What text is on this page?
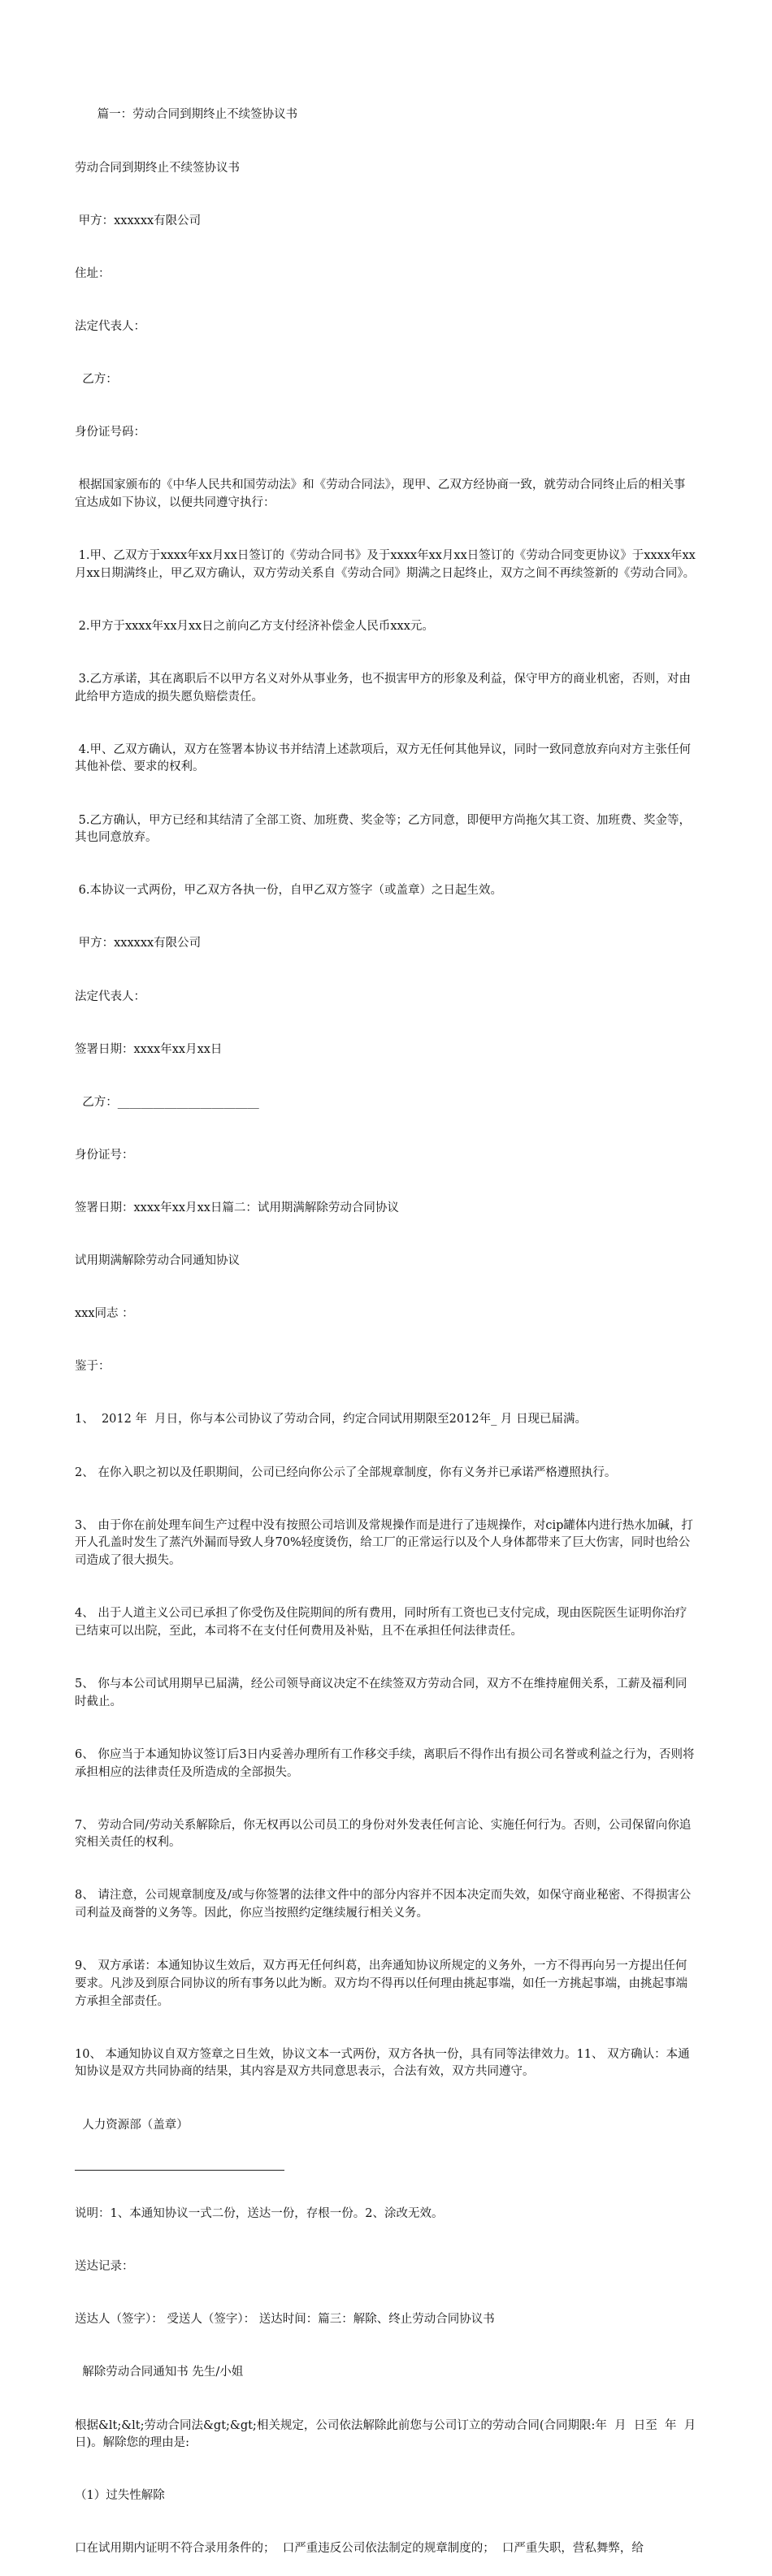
篇一：劳动合同到期终止不续签协议书

劳动合同到期终止不续签协议书

甲方：xxxxxx有限公司

住址：

法定代表人：

乙方：

身份证号码：

根据国家颁布的《中华人民共和国劳动法》和《劳动合同法》，现甲、乙双方经协商一致，就劳动合同终止后的相关事宜达成如下协议，以便共同遵守执行：

1.甲、乙双方于xxxx年xx月xx日签订的《劳动合同书》及于xxxx年xx月xx日签订的《劳动合同变更协议》于xxxx年xx月xx日期满终止，甲乙双方确认，双方劳动关系自《劳动合同》期满之日起终止，双方之间不再续签新的《劳动合同》。

2.甲方于xxxx年xx月xx日之前向乙方支付经济补偿金人民币xxx元。

3.乙方承诺，其在离职后不以甲方名义对外从事业务，也不损害甲方的形象及利益，保守甲方的商业机密，否则，对由此给甲方造成的损失愿负赔偿责任。

4.甲、乙双方确认，双方在签署本协议书并结清上述款项后，双方无任何其他异议，同时一致同意放弃向对方主张任何其他补偿、要求的权利。

5.乙方确认，甲方已经和其结清了全部工资、加班费、奖金等；乙方同意，即便甲方尚拖欠其工资、加班费、奖金等，其也同意放弃。

6.本协议一式两份，甲乙双方各执一份，自甲乙双方签字（或盖章）之日起生效。

甲方：xxxxxx有限公司

法定代表人：

签署日期：xxxx年xx月xx日

乙方：________________________

身份证号：

签署日期：xxxx年xx月xx日篇二：试用期满解除劳动合同协议

试用期满解除劳动合同通知协议

xxx同志 ：

鉴于：

1、  2012 年  月日，你与本公司协议了劳动合同，约定合同试用期限至2012年_ 月 日现已届满。

2、 在你入职之初以及任职期间，公司已经向你公示了全部规章制度，你有义务并已承诺严格遵照执行。

3、 由于你在前处理车间生产过程中没有按照公司培训及常规操作而是进行了违规操作，对cip罐体内进行热水加碱，打开人孔盖时发生了蒸汽外漏而导致人身70%轻度烫伤，给工厂的正常运行以及个人身体都带来了巨大伤害，同时也给公司造成了很大损失。

4、 出于人道主义公司已承担了你受伤及住院期间的所有费用，同时所有工资也已支付完成，现由医院医生证明你治疗已结束可以出院，至此，本司将不在支付任何费用及补贴，且不在承担任何法律责任。

5、 你与本公司试用期早已届满，经公司领导商议决定不在续签双方劳动合同，双方不在维持雇佣关系，工薪及福利同时截止。

6、 你应当于本通知协议签订后3日内妥善办理所有工作移交手续，离职后不得作出有损公司名誉或利益之行为，否则将承担相应的法律责任及所造成的全部损失。

7、 劳动合同/劳动关系解除后，你无权再以公司员工的身份对外发表任何言论、实施任何行为。否则，公司保留向你追究相关责任的权利。

8、 请注意，公司规章制度及/或与你签署的法律文件中的部分内容并不因本决定而失效，如保守商业秘密、不得损害公司利益及商誉的义务等。因此，你应当按照约定继续履行相关义务。

9、 双方承诺：本通知协议生效后，双方再无任何纠葛，出奔通知协议所规定的义务外，一方不得再向另一方提出任何要求。凡涉及到原合同协议的所有事务以此为断。双方均不得再以任何理由挑起事端，如任一方挑起事端，由挑起事端方承担全部责任。

10、 本通知协议自双方签章之日生效，协议文本一式两份，双方各执一份，具有同等法律效力。11、 双方确认：本通知协议是双方共同协商的结果，其内容是双方共同意思表示，合法有效，双方共同遵守。

人力资源部（盖章）

说明：1、本通知协议一式二份，送达一份，存根一份。2、涂改无效。

送达记录：

送达人（签字）： 受送人（签字）： 送达时间：篇三：解除、终止劳动合同协议书

解除劳动合同通知书 先生/小姐

根据&lt;&lt;劳动合同法&gt;&gt;相关规定，公司依法解除此前您与公司订立的劳动合同(合同期限:年  月  日至  年  月  日)。解除您的理由是:

（1）过失性解除

口在试用期内证明不符合录用条件的；  口严重违反公司依法制定的规章制度的；  口严重失职，营私舞弊，给
